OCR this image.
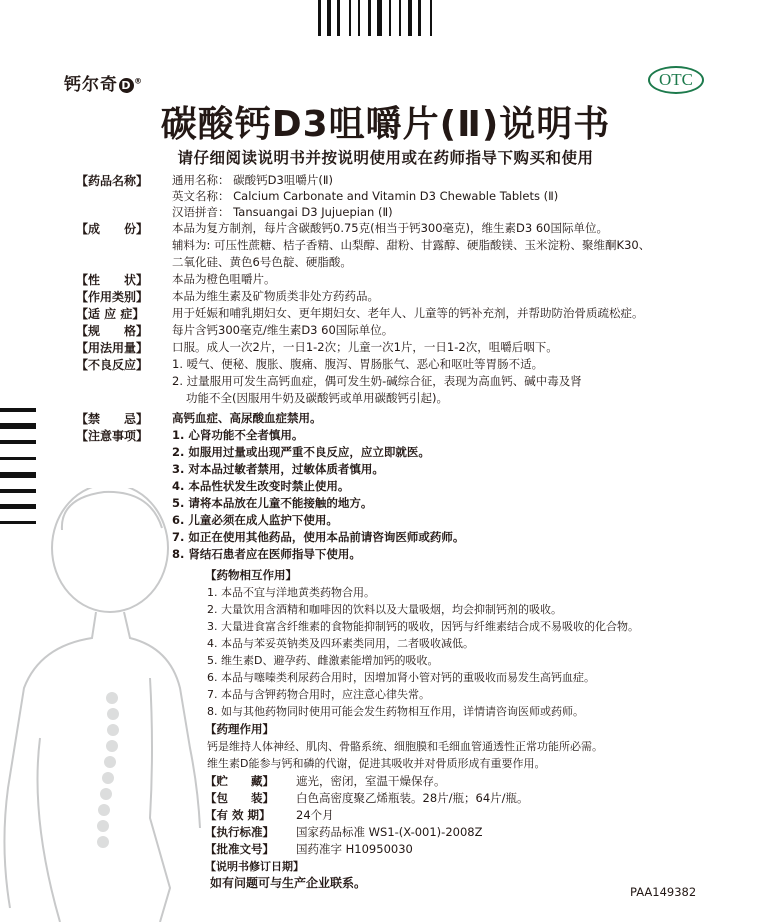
钙尔奇 D ®	OTC
碳酸钙D3咀嚼片(Ⅱ)说明书
请仔细阅读说明书并按说明使用或在药师指导下购买和使用
【药品名称】 通用名称： 碳酸钙D3咀嚼片(Ⅱ)
英文名称： Calcium Carbonate and Vitamin D3 Chewable Tablets (Ⅱ)
汉语拼音： Tansuangai D3 Jujuepian (Ⅱ)
【成　　份】 本品为复方制剂，每片含碳酸钙0.75克(相当于钙300毫克)，维生素D3 60国际单位。
辅料为: 可压性蔗糖、桔子香精、山梨醇、甜粉、甘露醇、硬脂酸镁、玉米淀粉、聚维酮K30、
二氧化硅、黄色6号色靛、硬脂酸。
【性　　状】 本品为橙色咀嚼片。
【作用类别】 本品为维生素及矿物质类非处方药药品。
【适 应 症】 用于妊娠和哺乳期妇女、更年期妇女、老年人、儿童等的钙补充剂，并帮助防治骨质疏松症。
【规　　格】 每片含钙300毫克/维生素D3 60国际单位。
【用法用量】 口服。成人一次2片，一日1-2次；儿童一次1片，一日1-2次，咀嚼后咽下。
【不良反应】 1. 嗳气、便秘、腹胀、腹痛、腹泻、胃肠胀气、恶心和呕吐等胃肠不适。
2. 过量服用可发生高钙血症，偶可发生奶-碱综合征，表现为高血钙、碱中毒及肾
功能不全(因服用牛奶及碳酸钙或单用碳酸钙引起)。
【禁　　忌】 高钙血症、高尿酸血症禁用。
【注意事项】 1. 心肾功能不全者慎用。
2. 如服用过量或出现严重不良反应，应立即就医。
3. 对本品过敏者禁用，过敏体质者慎用。
4. 本品性状发生改变时禁止使用。
5. 请将本品放在儿童不能接触的地方。
6. 儿童必须在成人监护下使用。
7. 如正在使用其他药品，使用本品前请咨询医师或药师。
8. 肾结石患者应在医师指导下使用。
【药物相互作用】
1. 本品不宜与洋地黄类药物合用。
2. 大量饮用含酒精和咖啡因的饮料以及大量吸烟，均会抑制钙剂的吸收。
3. 大量进食富含纤维素的食物能抑制钙的吸收，因钙与纤维素结合成不易吸收的化合物。
4. 本品与苯妥英钠类及四环素类同用，二者吸收减低。
5. 维生素D、避孕药、雌激素能增加钙的吸收。
6. 本品与噻嗪类利尿药合用时，因增加肾小管对钙的重吸收而易发生高钙血症。
7. 本品与含钾药物合用时，应注意心律失常。
8. 如与其他药物同时使用可能会发生药物相互作用，详情请咨询医师或药师。
【药理作用】
钙是维持人体神经、肌肉、骨骼系统、细胞膜和毛细血管通透性正常功能所必需。
维生素D能参与钙和磷的代谢，促进其吸收并对骨质形成有重要作用。
【贮　　藏】 遮光，密闭，室温干燥保存。
【包　　装】 白色高密度聚乙烯瓶装。28片/瓶；64片/瓶。
【有 效 期】 24个月
【执行标准】 国家药品标准 WS1-(X-001)-2008Z
【批准文号】 国药准字 H10950030
【说明书修订日期】
如有问题可与生产企业联系。
PAA149382
